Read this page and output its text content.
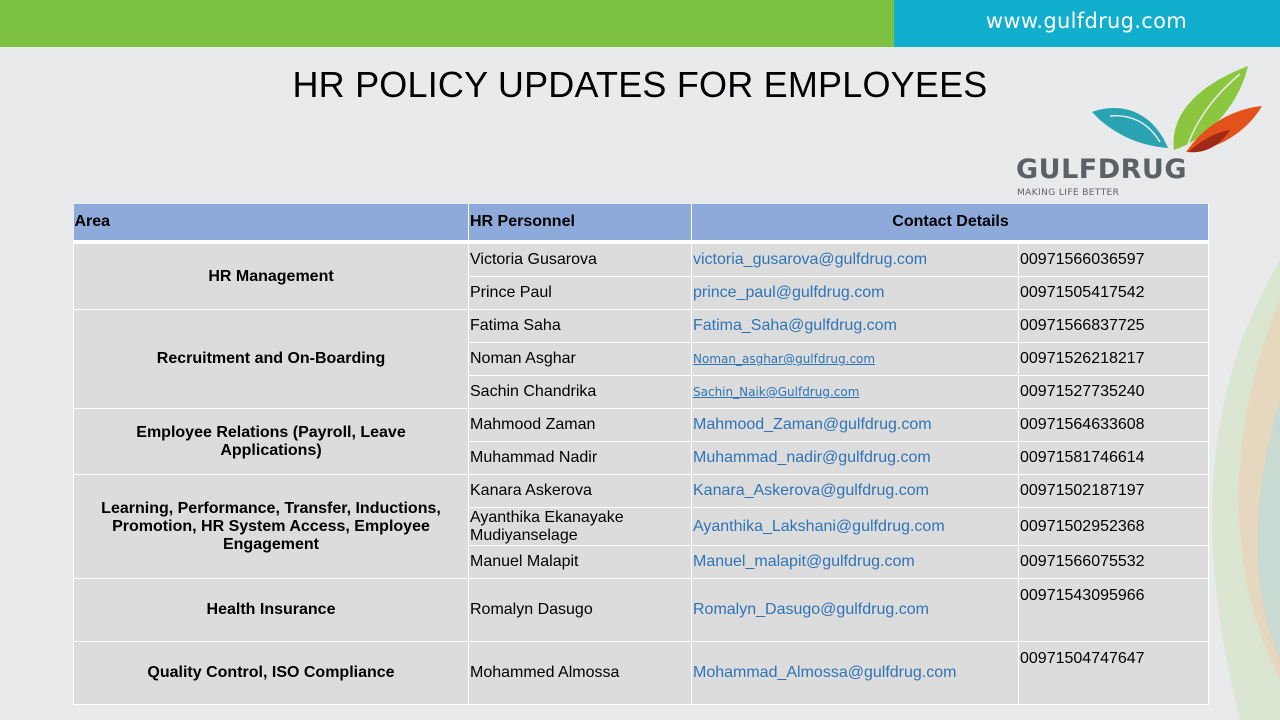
www.gulfdrug.com
HR POLICY UPDATES FOR EMPLOYEES
GULFDRUG
MAKING LIFE BETTER
Area	HR Personnel	Contact Details	
HR Management	Victoria Gusarova	victoria_gusarova@gulfdrug.com	00971566036597
	Prince Paul	prince_paul@gulfdrug.com	00971505417542
Recruitment and On-Boarding	Fatima Saha	Fatima_Saha@gulfdrug.com	00971566837725
	Noman Asghar	Noman_asghar@gulfdrug.com	00971526218217
	Sachin Chandrika	Sachin_Naik@Gulfdrug.com	00971527735240
Employee Relations (Payroll, Leave Applications)	Mahmood Zaman	Mahmood_Zaman@gulfdrug.com	00971564633608
	Muhammad Nadir	Muhammad_nadir@gulfdrug.com	00971581746614
Learning, Performance, Transfer, Inductions, Promotion, HR System Access, Employee Engagement	Kanara Askerova	Kanara_Askerova@gulfdrug.com	00971502187197
	Ayanthika Ekanayake Mudiyanselage	Ayanthika_Lakshani@gulfdrug.com	00971502952368
	Manuel Malapit	Manuel_malapit@gulfdrug.com	00971566075532
Health Insurance	Romalyn Dasugo	Romalyn_Dasugo@gulfdrug.com	00971543095966
Quality Control, ISO Compliance	Mohammed Almossa	Mohammad_Almossa@gulfdrug.com	00971504747647
